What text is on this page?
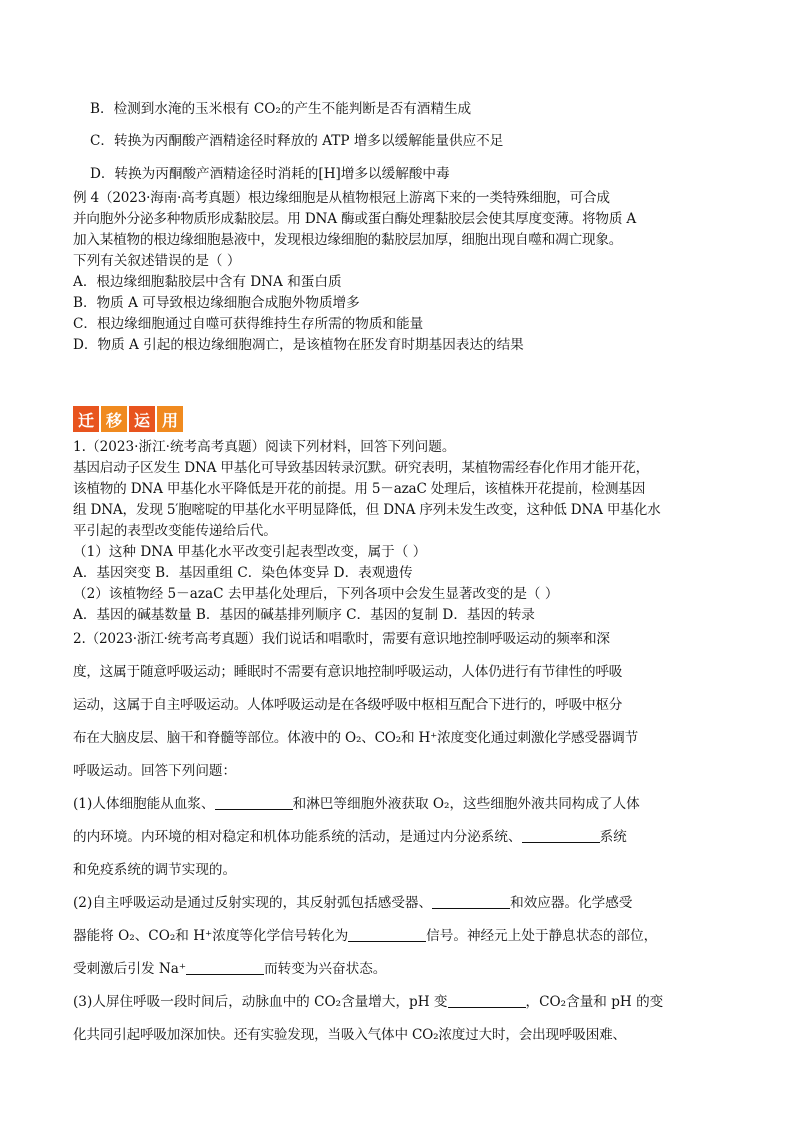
B．检测到水淹的玉米根有 CO₂的产生不能判断是否有酒精生成
C．转换为丙酮酸产酒精途径时释放的 ATP 增多以缓解能量供应不足
D．转换为丙酮酸产酒精途径时消耗的[H]增多以缓解酸中毒
例 4（2023·海南·高考真题）根边缘细胞是从植物根冠上游离下来的一类特殊细胞，可合成
并向胞外分泌多种物质形成黏胶层。用 DNA 酶或蛋白酶处理黏胶层会使其厚度变薄。将物质 A
加入某植物的根边缘细胞悬液中，发现根边缘细胞的黏胶层加厚，细胞出现自噬和凋亡现象。
下列有关叙述错误的是（ ）
A．根边缘细胞黏胶层中含有 DNA 和蛋白质
B．物质 A 可导致根边缘细胞合成胞外物质增多
C．根边缘细胞通过自噬可获得维持生存所需的物质和能量
D．物质 A 引起的根边缘细胞凋亡，是该植物在胚发育时期基因表达的结果
迁 移 运 用
1.（2023·浙江·统考高考真题）阅读下列材料，回答下列问题。
基因启动子区发生 DNA 甲基化可导致基因转录沉默。研究表明，某植物需经春化作用才能开花，
该植物的 DNA 甲基化水平降低是开花的前提。用 5－azaC 处理后，该植株开花提前，检测基因
组 DNA，发现 5′胞嘧啶的甲基化水平明显降低，但 DNA 序列未发生改变，这种低 DNA 甲基化水
平引起的表型改变能传递给后代。
（1）这种 DNA 甲基化水平改变引起表型改变，属于（ ）
A．基因突变 B．基因重组 C．染色体变异 D．表观遗传
（2）该植物经 5－azaC 去甲基化处理后，下列各项中会发生显著改变的是（ ）
A．基因的碱基数量 B．基因的碱基排列顺序 C．基因的复制 D．基因的转录
2.（2023·浙江·统考高考真题）我们说话和唱歌时，需要有意识地控制呼吸运动的频率和深
度，这属于随意呼吸运动；睡眠时不需要有意识地控制呼吸运动，人体仍进行有节律性的呼吸
运动，这属于自主呼吸运动。人体呼吸运动是在各级呼吸中枢相互配合下进行的，呼吸中枢分
布在大脑皮层、脑干和脊髓等部位。体液中的 O₂、CO₂和 H⁺浓度变化通过刺激化学感受器调节
呼吸运动。回答下列问题：
(1)人体细胞能从血浆、	和淋巴等细胞外液获取 O₂，这些细胞外液共同构成了人体
的内环境。内环境的相对稳定和机体功能系统的活动，是通过内分泌系统、	系统
和免疫系统的调节实现的。
(2)自主呼吸运动是通过反射实现的，其反射弧包括感受器、	和效应器。化学感受
器能将 O₂、CO₂和 H⁺浓度等化学信号转化为	信号。神经元上处于静息状态的部位，
受刺激后引发 Na⁺	而转变为兴奋状态。
(3)人屏住呼吸一段时间后，动脉血中的 CO₂含量增大，pH 变	，CO₂含量和 pH 的变
化共同引起呼吸加深加快。还有实验发现，当吸入气体中 CO₂浓度过大时，会出现呼吸困难、
